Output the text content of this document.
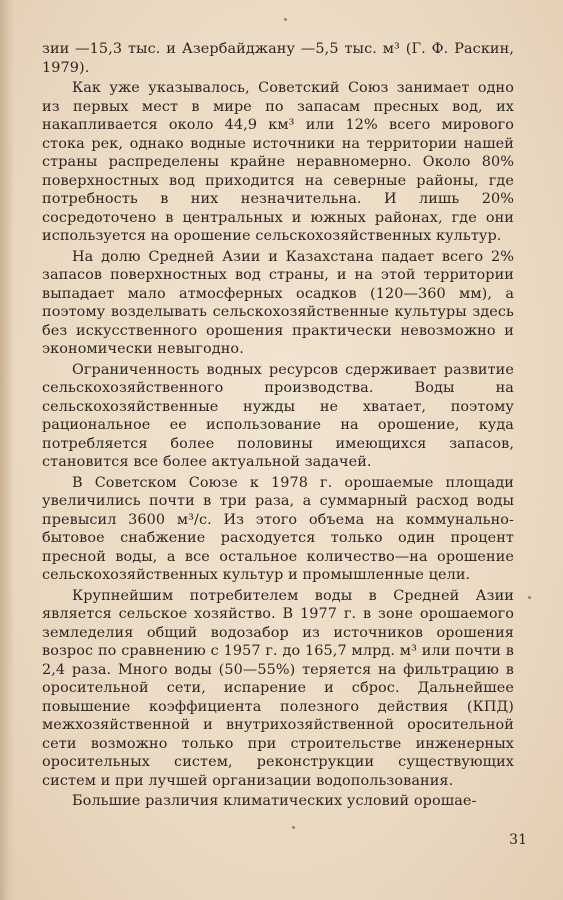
зии —15,3 тыс. и Азербайджану —5,5 тыс. м³ (Г. Ф. Раскин, 1979).

Как уже указывалось, Советский Союз занимает одно из первых мест в мире по запасам пресных вод, их накапливается около 44,9 км³ или 12% всего мирового стока рек, однако водные источники на территории нашей страны распределены крайне неравномерно. Около 80% поверхностных вод приходится на северные районы, где потребность в них незначительна. И лишь 20% сосредоточено в центральных и южных районах, где они используется на орошение сельскохозяйственных культур.

На долю Средней Азии и Казахстана падает всего 2% запасов поверхностных вод страны, и на этой территории выпадает мало атмосферных осадков (120—360 мм), а поэтому возделывать сельскохозяйственные культуры здесь без искусственного орошения практически невозможно и экономически невыгодно.

Ограниченность водных ресурсов сдерживает развитие сельскохозяйственного производства. Воды на сельскохозяйственные нужды не хватает, поэтому рациональное ее использование на орошение, куда потребляется более половины имеющихся запасов, становится все более актуальной задачей.

В Советском Союзе к 1978 г. орошаемые площади увеличились почти в три раза, а суммарный расход воды превысил 3600 м³/с. Из этого объема на коммунально-бытовое снабжение расходуется только один процент пресной воды, а все остальное количество—на орошение сельскохозяйственных культур и промышленные цели.

Крупнейшим потребителем воды в Средней Азии является сельское хозяйство. В 1977 г. в зоне орошаемого земледелия общий водозабор из источников орошения возрос по сравнению с 1957 г. до 165,7 млрд. м³ или почти в 2,4 раза. Много воды (50—55%) теряется на фильтрацию в оросительной сети, испарение и сброс. Дальнейшее повышение коэффициента полезного действия (КПД) межхозяйственной и внутрихозяйственной оросительной сети возможно только при строительстве инженерных оросительных систем, реконструкции существующих систем и при лучшей организации водопользования.

Большие различия климатических условий орошае-

31
